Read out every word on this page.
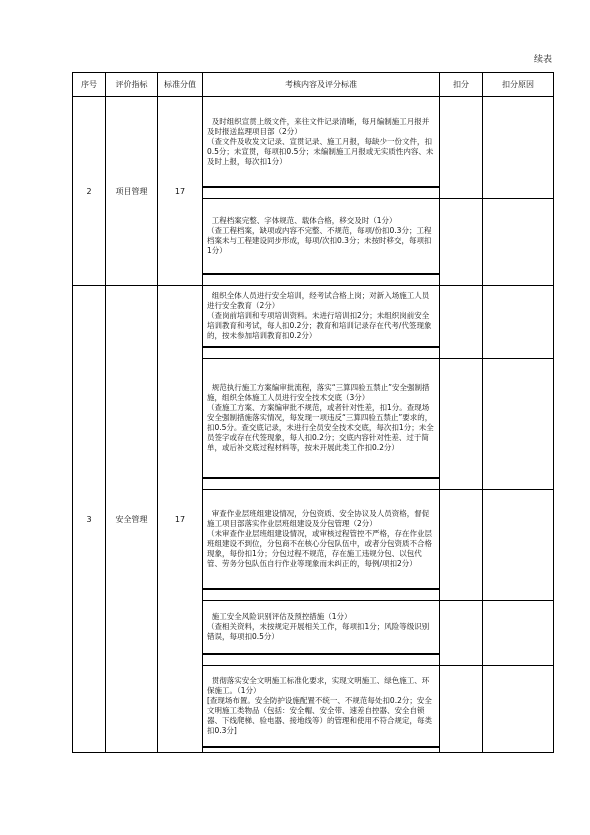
续表
序号	评价指标	标准分值	考核内容及评分标准	扣分	扣分原因
2	项目管理	17	及时组织宣贯上级文件，来往文件记录清晰，每月编制施工月报并及时报送监理项目部（2分）
（查文件及收发文记录、宣贯记录、施工月报，每缺少一份文件，扣0.5分；未宣贯，每项扣0.5分；未编制施工月报或无实质性内容、未及时上报，每次扣1分）		

			工程档案完整、字体规范、载体合格，移交及时（1分）
（查工程档案，缺项或内容不完整、不规范，每项/份扣0.3分；工程档案未与工程建设同步形成，每项/次扣0.3分；未按时移交，每项扣1分）		

3	安全管理	17	组织全体人员进行安全培训，经考试合格上岗；对新入场施工人员进行安全教育（2分）
（查岗前培训和专项培训资料。未进行培训扣2分；未组织岗前安全培训教育和考试，每人扣0.2分；教育和培训记录存在代考/代签现象的，按未参加培训教育扣0.2分）		

			规范执行施工方案编审批流程，落实“三算四验五禁止”安全强制措施，组织全体施工人员进行安全技术交底（3分）
（查施工方案、方案编审批不规范，或者针对性差，扣1分。查现场安全强制措施落实情况，每发现一项违反“三算四验五禁止”要求的，扣0.5分。查交底记录，未进行全员安全技术交底，每次扣1分；未全员签字或存在代签现象，每人扣0.2分；交底内容针对性差、过于简单，或后补交底过程材料等，按未开展此类工作扣0.2分）		

			审查作业层班组建设情况，分包资质、安全协议及人员资格，督促施工项目部落实作业层班组建设及分包管理（2分）
（未审查作业层班组建设情况，或审核过程管控不严格，存在作业层班组建设不到位，分包商不在核心分包队伍中，或者分包资质不合格现象，每份扣1分；分包过程不规范，存在施工违规分包、以包代管、劳务分包队伍自行作业等现象而未纠正的，每例/项扣2分）		

			施工安全风险识别评估及预控措施（1分）
（查相关资料，未按规定开展相关工作，每项扣1分；风险等级识别错误，每项扣0.5分）		

			贯彻落实安全文明施工标准化要求，实现文明施工、绿色施工、环保施工。（1分）
[查现场布置。安全防护设施配置不统一、不规范每处扣0.2分；安全文明施工类物品（包括：安全帽、安全带、速差自控器、安全自锁器、下线爬梯、验电器、接地线等）的管理和使用不符合规定，每类扣0.3分]		
